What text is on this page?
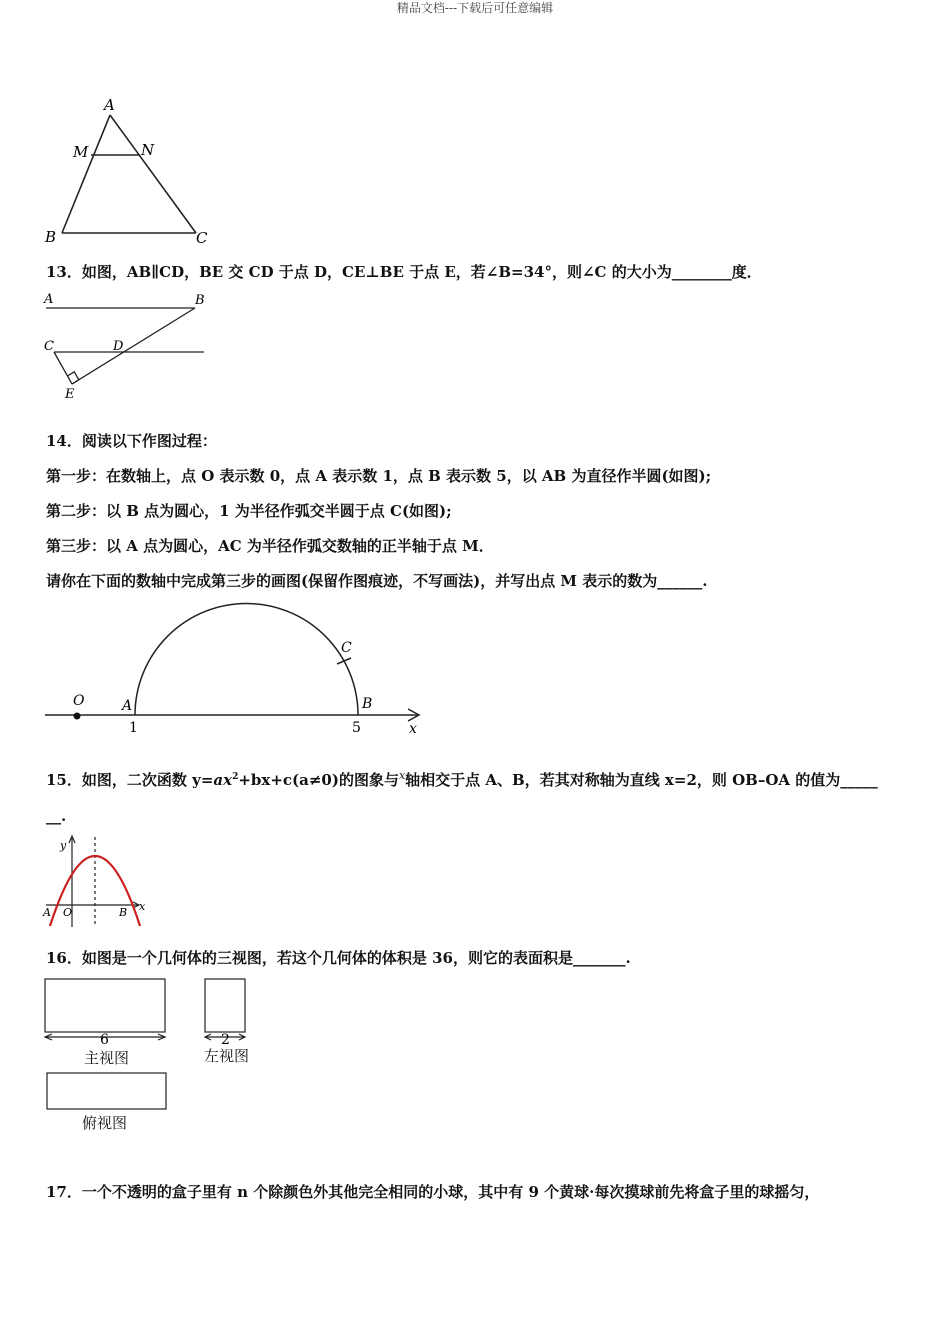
精品文档---下载后可任意编辑
A
M	N
B	C
13．如图，AB∥CD，BE 交 CD 于点 D，CE⊥BE 于点 E，若∠B=34°，则∠C 的大小为________度．
A	B
C	D
E
14．阅读以下作图过程：
第一步：在数轴上，点 O 表示数 0，点 A 表示数 1，点 B 表示数 5，以 AB 为直径作半圆(如图);
第二步：以 B 点为圆心，1 为半径作弧交半圆于点 C(如图);
第三步：以 A 点为圆心，AC 为半径作弧交数轴的正半轴于点 M．
请你在下面的数轴中完成第三步的画图(保留作图痕迹，不写画法)，并写出点 M 表示的数为______.
O	A
C
B
x
1	5
15．如图，二次函数 $y=ax^2+bx+c(a\ne 0)$的图象与$^x$轴相交于点 A、B，若其对称轴为直线 x=2，则 OB–OA 的值为_____
__.
y
x
A O	B
16．如图是一个几何体的三视图，若这个几何体的体积是 36，则它的表面积是_______.
6	2
主视图	左视图
俯视图
17．一个不透明的盒子里有 n 个除颜色外其他完全相同的小球，其中有 9 个黄球·每次摸球前先将盒子里的球摇匀，
